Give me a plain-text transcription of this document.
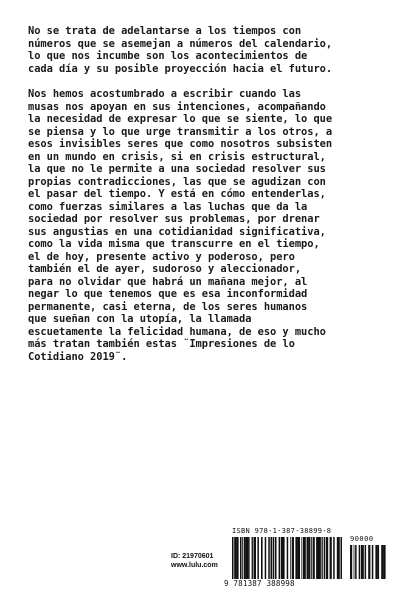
No se trata de adelantarse a los tiempos con
números que se asemejan a números del calendario,
lo que nos incumbe son los acontecimientos de
cada día y su posible proyección hacia el futuro.

Nos hemos acostumbrado a escribir cuando las
musas nos apoyan en sus intenciones, acompañando
la necesidad de expresar lo que se siente, lo que
se piensa y lo que urge transmitir a los otros, a
esos invisibles seres que como nosotros subsisten
en un mundo en crisis, si en crisis estructural,
la que no le permite a una sociedad resolver sus
propias contradicciones, las que se agudizan con
el pasar del tiempo. Y está en cómo entenderlas,
como fuerzas similares a las luchas que da la
sociedad por resolver sus problemas, por drenar
sus angustias en una cotidianidad significativa,
como la vida misma que transcurre en el tiempo,
el de hoy, presente activo y poderoso, pero
también el de ayer, sudoroso y aleccionador,
para no olvidar que habrá un mañana mejor, al
negar lo que tenemos que es esa inconformidad
permanente, casi eterna, de los seres humanos
que sueñan con la utopía, la llamada
escuetamente la felicidad humana, de eso y mucho
más tratan también estas ¨Impresiones de lo
Cotidiano 2019¨.

ID: 21970601
www.lulu.com
ISBN 978-1-387-38899-8
90000
9 781387 388998
